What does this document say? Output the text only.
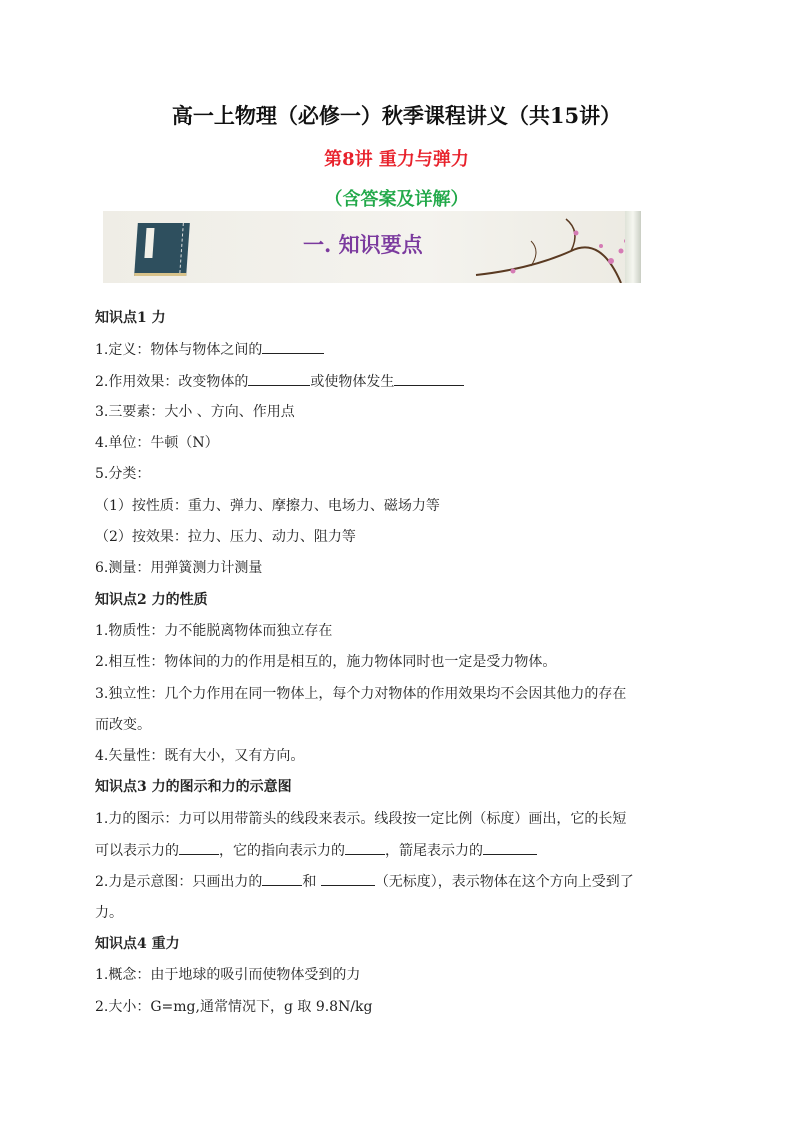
高一上物理（必修一）秋季课程讲义（共15讲）
第8讲 重力与弹力
（含答案及详解）
一. 知识要点
知识点1 力
1.定义：物体与物体之间的
2.作用效果：改变物体的	或使物体发生
3.三要素：大小 、方向、作用点
4.单位：牛顿（N）
5.分类：
（1）按性质：重力、弹力、摩擦力、电场力、磁场力等
（2）按效果：拉力、压力、动力、阻力等
6.测量：用弹簧测力计测量
知识点2 力的性质
1.物质性：力不能脱离物体而独立存在
2.相互性：物体间的力的作用是相互的，施力物体同时也一定是受力物体。
3.独立性：几个力作用在同一物体上，每个力对物体的作用效果均不会因其他力的存在
而改变。
4.矢量性：既有大小，又有方向。
知识点3 力的图示和力的示意图
1.力的图示：力可以用带箭头的线段来表示。线段按一定比例（标度）画出，它的长短
可以表示力的	，它的指向表示力的	，箭尾表示力的
2.力是示意图：只画出力的	和	（无标度），表示物体在这个方向上受到了
力。
知识点4 重力
1.概念：由于地球的吸引而使物体受到的力
2.大小：G=mg,通常情况下，g 取 9.8N/kg
